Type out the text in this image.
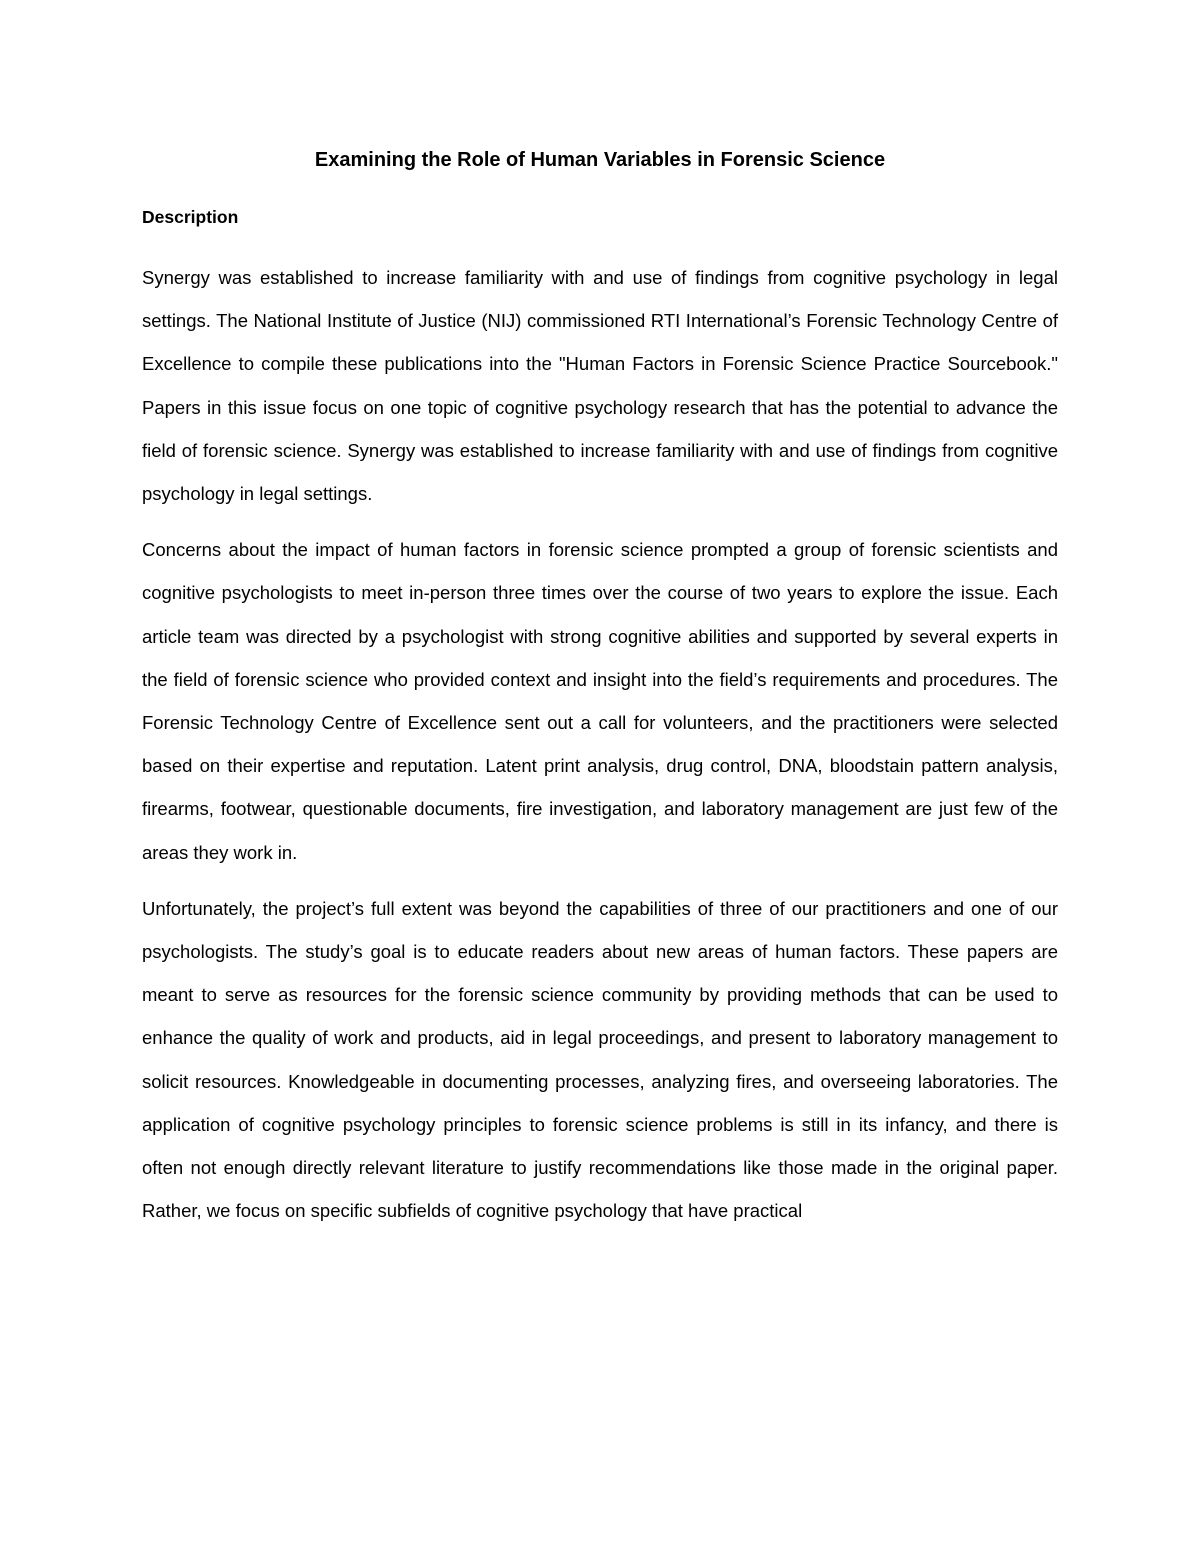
Examining the Role of Human Variables in Forensic Science
Description

Synergy was established to increase familiarity with and use of findings from cognitive psychology in legal settings. The National Institute of Justice (NIJ) commissioned RTI International’s Forensic Technology Centre of Excellence to compile these publications into the "Human Factors in Forensic Science Practice Sourcebook." Papers in this issue focus on one topic of cognitive psychology research that has the potential to advance the field of forensic science. Synergy was established to increase familiarity with and use of findings from cognitive psychology in legal settings.

Concerns about the impact of human factors in forensic science prompted a group of forensic scientists and cognitive psychologists to meet in-person three times over the course of two years to explore the issue. Each article team was directed by a psychologist with strong cognitive abilities and supported by several experts in the field of forensic science who provided context and insight into the field’s requirements and procedures. The Forensic Technology Centre of Excellence sent out a call for volunteers, and the practitioners were selected based on their expertise and reputation. Latent print analysis, drug control, DNA, bloodstain pattern analysis, firearms, footwear, questionable documents, fire investigation, and laboratory management are just few of the areas they work in.

Unfortunately, the project’s full extent was beyond the capabilities of three of our practitioners and one of our psychologists. The study’s goal is to educate readers about new areas of human factors. These papers are meant to serve as resources for the forensic science community by providing methods that can be used to enhance the quality of work and products, aid in legal proceedings, and present to laboratory management to solicit resources. Knowledgeable in documenting processes, analyzing fires, and overseeing laboratories. The application of cognitive psychology principles to forensic science problems is still in its infancy, and there is often not enough directly relevant literature to justify recommendations like those made in the original paper. Rather, we focus on specific subfields of cognitive psychology that have practical
